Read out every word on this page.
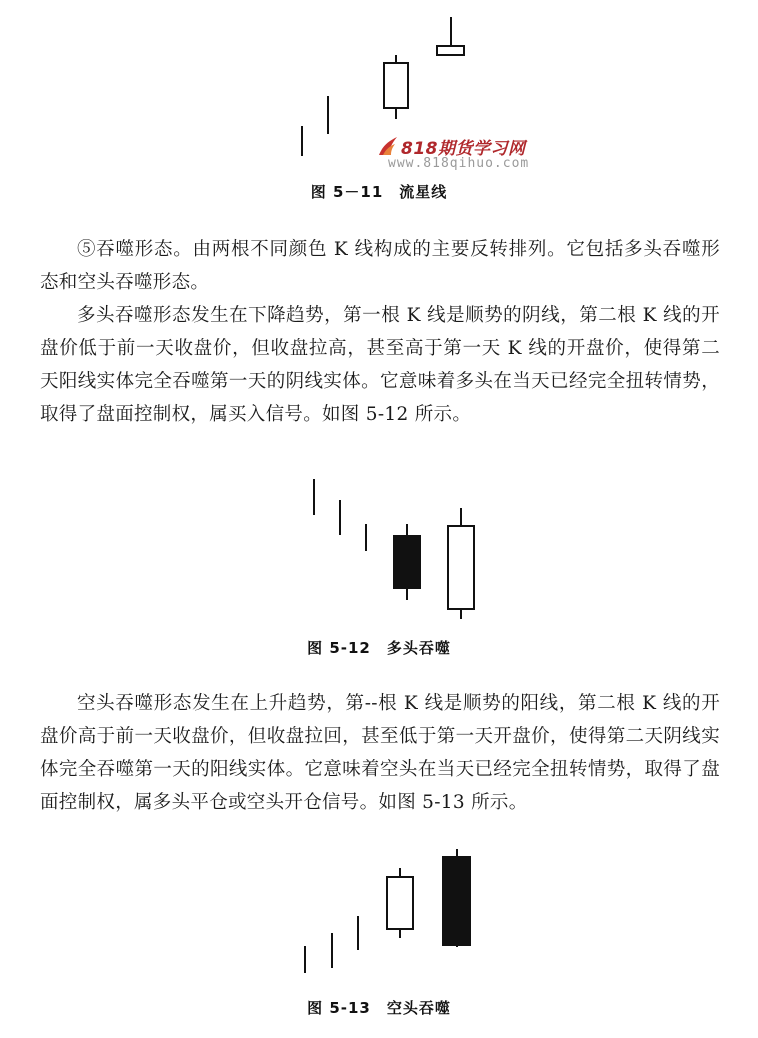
818期货学习网
www.818qihuo.com
图 5－11　流星线

⑤吞噬形态。由两根不同颜色 K 线构成的主要反转排列。它包括多头吞噬形态和空头吞噬形态。

多头吞噬形态发生在下降趋势，第一根 K 线是顺势的阴线，第二根 K 线的开盘价低于前一天收盘价，但收盘拉高，甚至高于第一天 K 线的开盘价，使得第二天阳线实体完全吞噬第一天的阴线实体。它意味着多头在当天已经完全扭转情势，取得了盘面控制权，属买入信号。如图 5-12 所示。

图 5-12　多头吞噬

空头吞噬形态发生在上升趋势，第--根 K 线是顺势的阳线，第二根 K 线的开盘价高于前一天收盘价，但收盘拉回，甚至低于第一天开盘价，使得第二天阴线实体完全吞噬第一天的阳线实体。它意味着空头在当天已经完全扭转情势，取得了盘面控制权，属多头平仓或空头开仓信号。如图 5-13 所示。

图 5-13　空头吞噬
